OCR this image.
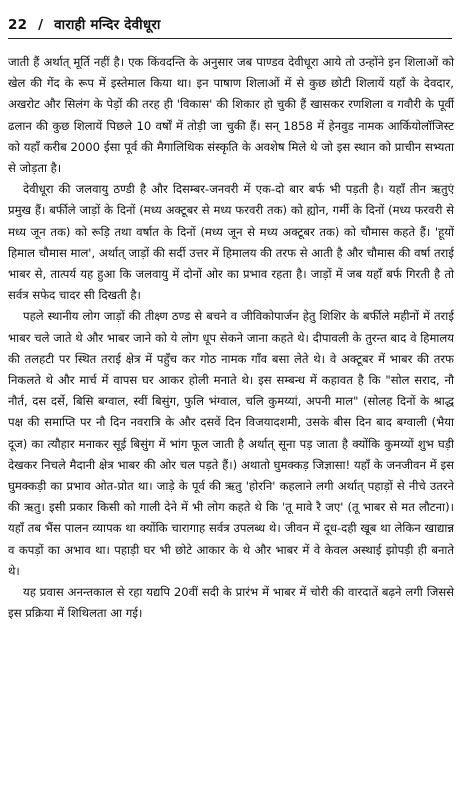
22 / वाराही मन्दिर देवीधूरा

जाती हैं अर्थात् मूर्ति नहीं है। एक किंवदन्ति के अनुसार जब पाण्डव देवीधूरा आये तो उन्होंने इन शिलाओं को खेल की गेंद के रूप में इस्तेमाल किया था। इन पाषाण शिलाओं में से कुछ छोटी शिलायें यहाँ के देवदार, अखरोट और सिलंग के पेड़ों की तरह ही 'विकास' की शिकार हो चुकी हैं खासकर रणशिला व गवौरी के पूर्वी ढलान की कुछ शिलायें पिछले 10 वर्षों में तोड़ी जा चुकी हैं। सन् 1858 में हेनवुड नामक आर्कियोलॉजिस्ट को यहाँ करीब 2000 ईसा पूर्व की मैगालिथिक संस्कृति के अवशेष मिले थे जो इस स्थान को प्राचीन सभ्यता से जोड़ता है।

देवीधूरा की जलवायु ठण्डी है और दिसम्बर-जनवरी में एक-दो बार बर्फ भी पड़ती है। यहाँ तीन ऋतुएं प्रमुख हैं। बर्फीले जाड़ों के दिनों (मध्य अक्टूबर से मध्य फरवरी तक) को ह्योन, गर्मी के दिनों (मध्य फरवरी से मध्य जून तक) को रूड़ि तथा वर्षात के दिनों (मध्य जून से मध्य अक्टूबर तक) को चौमास कहते हैं। 'हूयों हिमाल चौमास माल', अर्थात् जाड़ों की सर्दी उत्तर में हिमालय की तरफ से आती है और चौमास की वर्षा तराई भाबर से, तात्पर्य यह हुआ कि जलवायु में दोनों ओर का प्रभाव रहता है। जाड़ों में जब यहाँ बर्फ गिरती है तो सर्वत्र सफेद चादर सी दिखती है।

पहले स्थानीय लोग जाड़ों की तीक्ष्ण ठण्ड से बचने व जीविकोपार्जन हेतु शिशिर के बर्फीले महीनों में तराई भाबर चले जाते थे और भाबर जाने को ये लोग धूप सेकने जाना कहते थे। दीपावली के तुरन्त बाद वे हिमालय की तलहटी पर स्थित तराई क्षेत्र में पहुँच कर गोठ नामक गाँव बसा लेते थे। वे अक्टूबर में भाबर की तरफ निकलते थे और मार्च में वापस घर आकर होली मनाते थे। इस सम्बन्ध में कहावत है कि "सोल सराद, नौ नौर्त, दस दर्से, बिसि बग्वाल, स्वीं बिसुंग, फुलि भंग्वाल, चलि कुमय्यां, अपनी माल" (सोलह दिनों के श्राद्ध पक्ष की समाप्ति पर नौ दिन नवरात्रि के और दसवें दिन विजयादशमी, उसके बीस दिन बाद बग्वाली (भैया दूज) का त्यौहार मनाकर सूई बिसुंग में भांग फूल जाती है अर्थात् सूना पड़ जाता है क्योंकि कुमय्यों शुभ घड़ी देखकर निचले मैदानी क्षेत्र भाबर की ओर चल पड़ते हैं।) अथातो घुमक्कड़ जिज्ञासा! यहाँ के जनजीवन में इस घुमक्कड़ी का प्रभाव ओत-प्रोत था। जाड़े के पूर्व की ऋतु 'होरनि' कहलाने लगी अर्थात् पहाड़ों से नीचे उतरने की ऋतु। इसी प्रकार किसी को गाली देने में भी लोग कहते थे कि 'तू मावे रै जए' (तू भाबर से मत लौटना)। यहाँ तब भैंस पालन व्यापक था क्योंकि चारागाह सर्वत्र उपलब्ध थे। जीवन में दूध-दही खूब था लेकिन खाद्यान्न व कपड़ों का अभाव था। पहाड़ी घर भी छोटे आकार के थे और भाबर में वे केवल अस्थाई झोपड़ी ही बनाते थे।

यह प्रवास अनन्तकाल से रहा यद्यपि 20वीं सदी के प्रारंभ में भाबर में चोरी की वारदातें बढ़ने लगी जिससे इस प्रक्रिया में शिथिलता आ गई।
